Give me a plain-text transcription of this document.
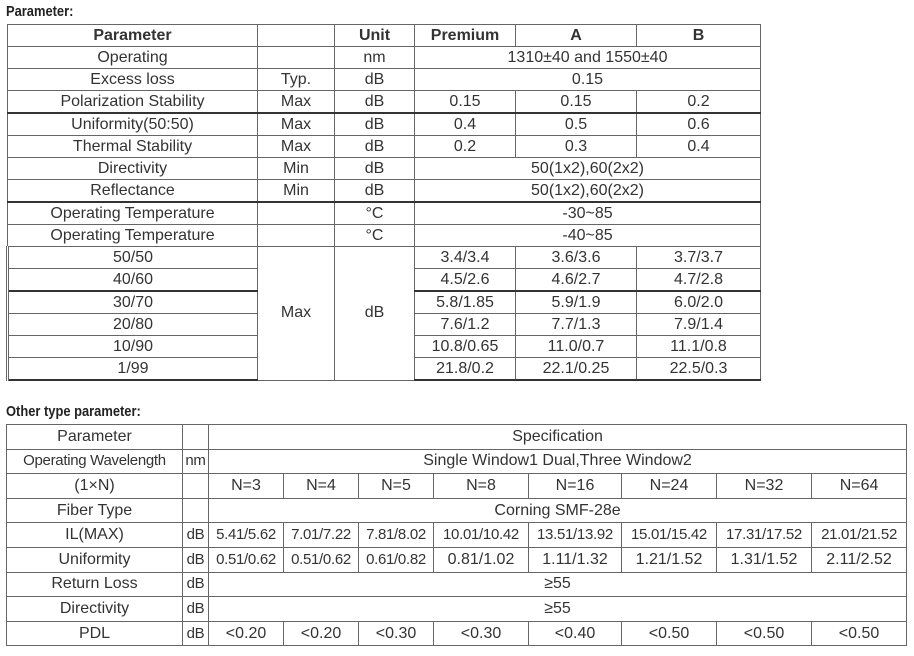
Parameter:
Parameter		Unit	Premium	A	B
Operating		nm	1310±40 and 1550±40		
Excess loss	Typ.	dB	0.15		
Polarization Stability	Max	dB	0.15	0.15	0.2
Uniformity(50:50)	Max	dB	0.4	0.5	0.6
Thermal Stability	Max	dB	0.2	0.3	0.4
Directivity	Min	dB	50(1x2),60(2x2)		
Reflectance	Min	dB	50(1x2),60(2x2)		
Operating Temperature		°C	-30~85		
Operating Temperature		°C	-40~85		
50/50	Max	dB	3.4/3.4	3.6/3.6	3.7/3.7
40/60			4.5/2.6	4.6/2.7	4.7/2.8
30/70			5.8/1.85	5.9/1.9	6.0/2.0
20/80			7.6/1.2	7.7/1.3	7.9/1.4
10/90			10.8/0.65	11.0/0.7	11.1/0.8
1/99			21.8/0.2	22.1/0.25	22.5/0.3
Other type parameter:
Parameter		Specification							
Operating Wavelength	nm	Single Window1 Dual,Three Window2							
(1×N)		N=3	N=4	N=5	N=8	N=16	N=24	N=32	N=64
Fiber Type		Corning SMF-28e							
IL(MAX)	dB	5.41/5.62	7.01/7.22	7.81/8.02	10.01/10.42	13.51/13.92	15.01/15.42	17.31/17.52	21.01/21.52
Uniformity	dB	0.51/0.62	0.51/0.62	0.61/0.82	0.81/1.02	1.11/1.32	1.21/1.52	1.31/1.52	2.11/2.52
Return Loss	dB	≥55							
Directivity	dB	≥55							
PDL	dB	<0.20	<0.20	<0.30	<0.30	<0.40	<0.50	<0.50	<0.50
